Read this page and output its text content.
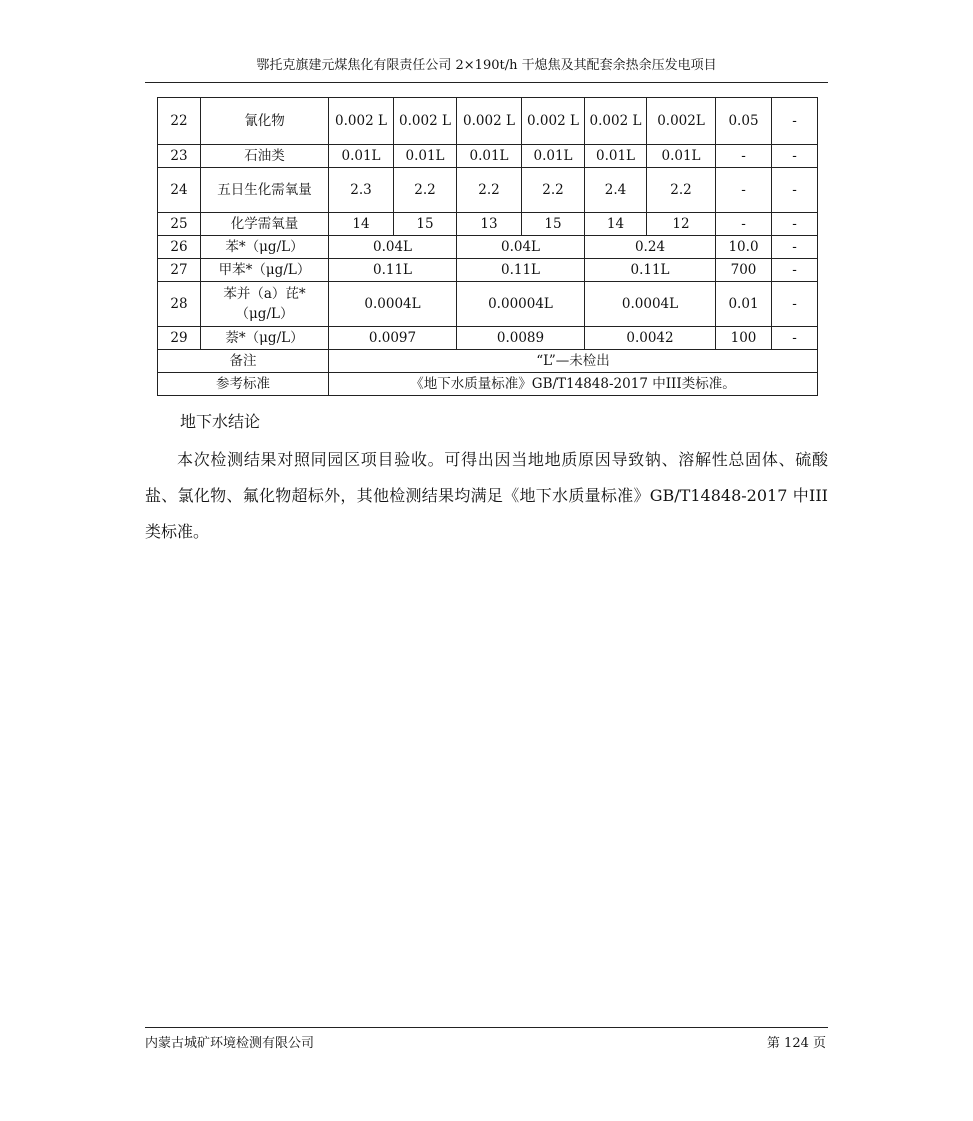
鄂托克旗建元煤焦化有限责任公司 2×190t/h 干熄焦及其配套余热余压发电项目
22	氰化物	0.002 L	0.002 L	0.002 L	0.002 L	0.002 L	0.002L	0.05	-
23	石油类	0.01L	0.01L	0.01L	0.01L	0.01L	0.01L	-	-
24	五日生化需氧量	2.3	2.2	2.2	2.2	2.4	2.2	-	-
25	化学需氧量	14	15	13	15	14	12	-	-
26	苯*（μg/L）	0.04L		0.04L		0.24		10.0	-
27	甲苯*（μg/L）	0.11L		0.11L		0.11L		700	-
28	苯并（a）芘*（μg/L）	0.0004L		0.00004L		0.0004L		0.01	-
29	萘*（μg/L）	0.0097		0.0089		0.0042		100	-
备注		“L”—未检出							
参考标准		《地下水质量标准》GB/T14848-2017 中III类标准。							
地下水结论
本次检测结果对照同园区项目验收。可得出因当地地质原因导致钠、溶解性总固体、硫酸盐、氯化物、氟化物超标外，其他检测结果均满足《地下水质量标准》GB/T14848-2017 中III类标准。
内蒙古城矿环境检测有限公司	第 124 页
